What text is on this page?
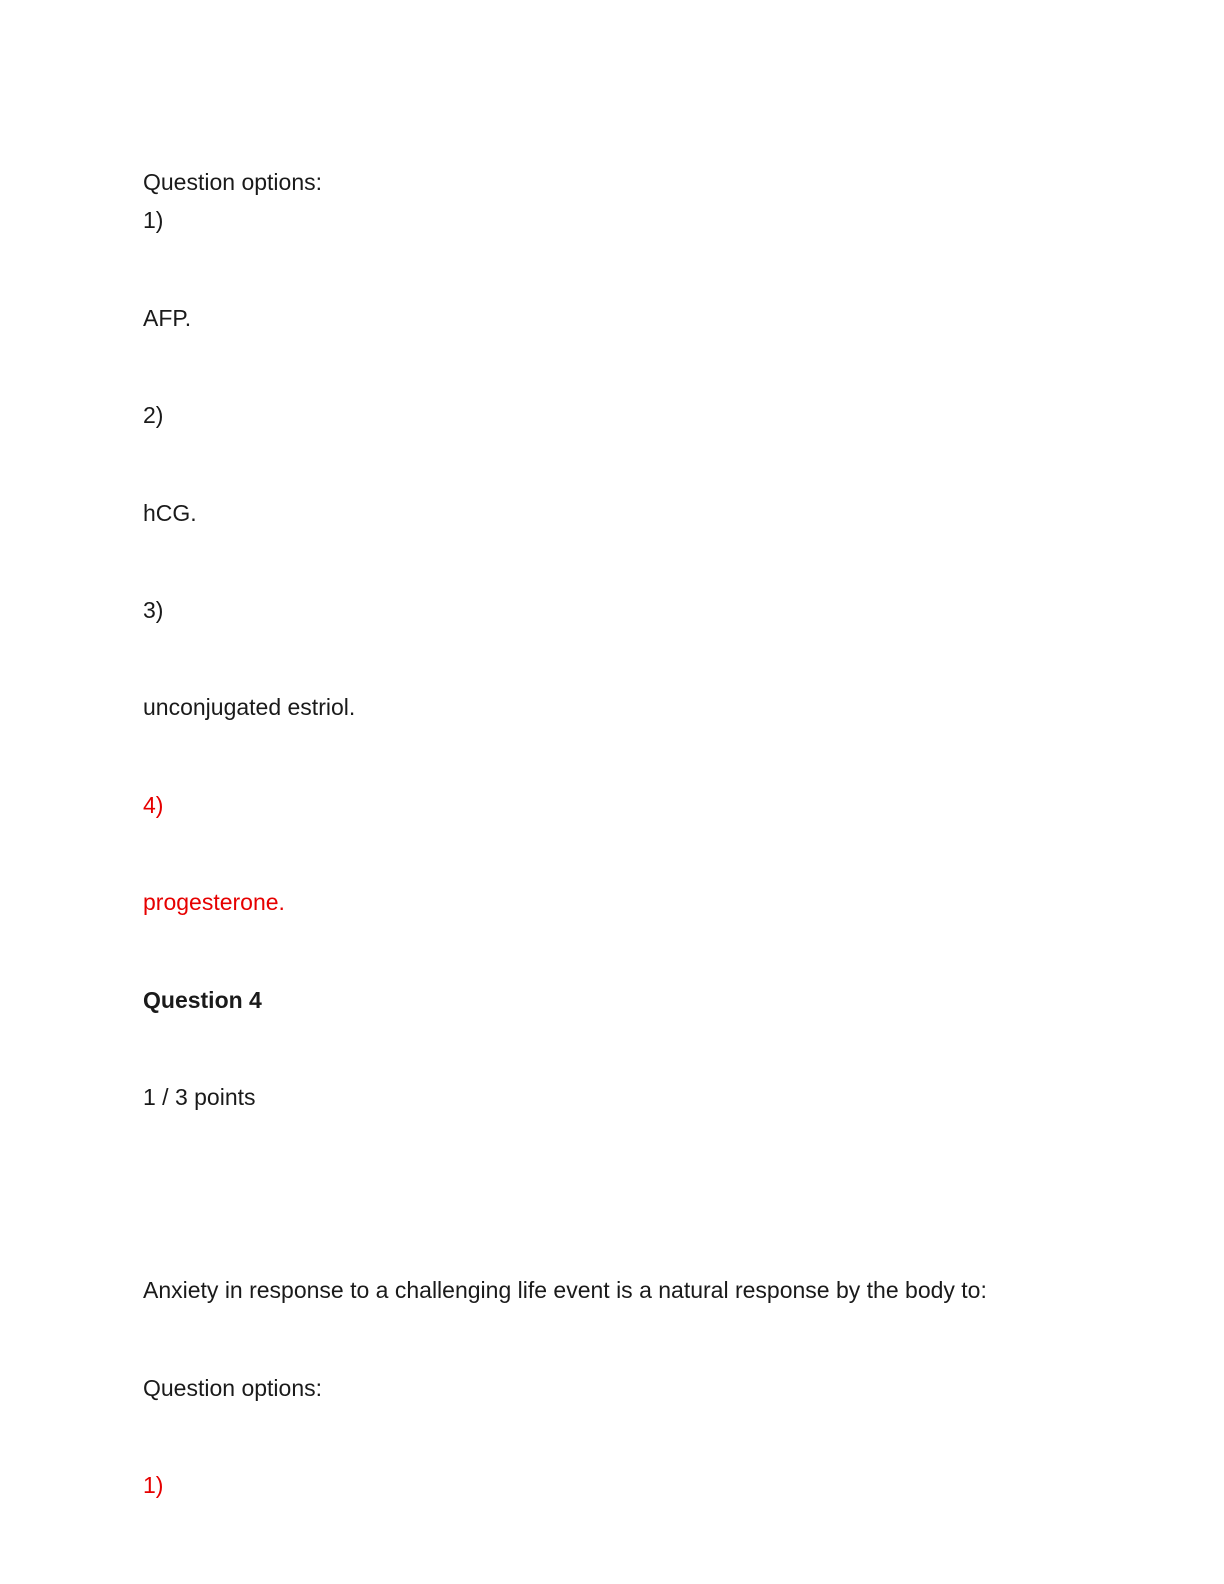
Question options:
1)
AFP.
2)
hCG.
3)
unconjugated estriol.
4)
progesterone.
Question 4
1 / 3 points
Anxiety in response to a challenging life event is a natural response by the body to:
Question options:
1)
